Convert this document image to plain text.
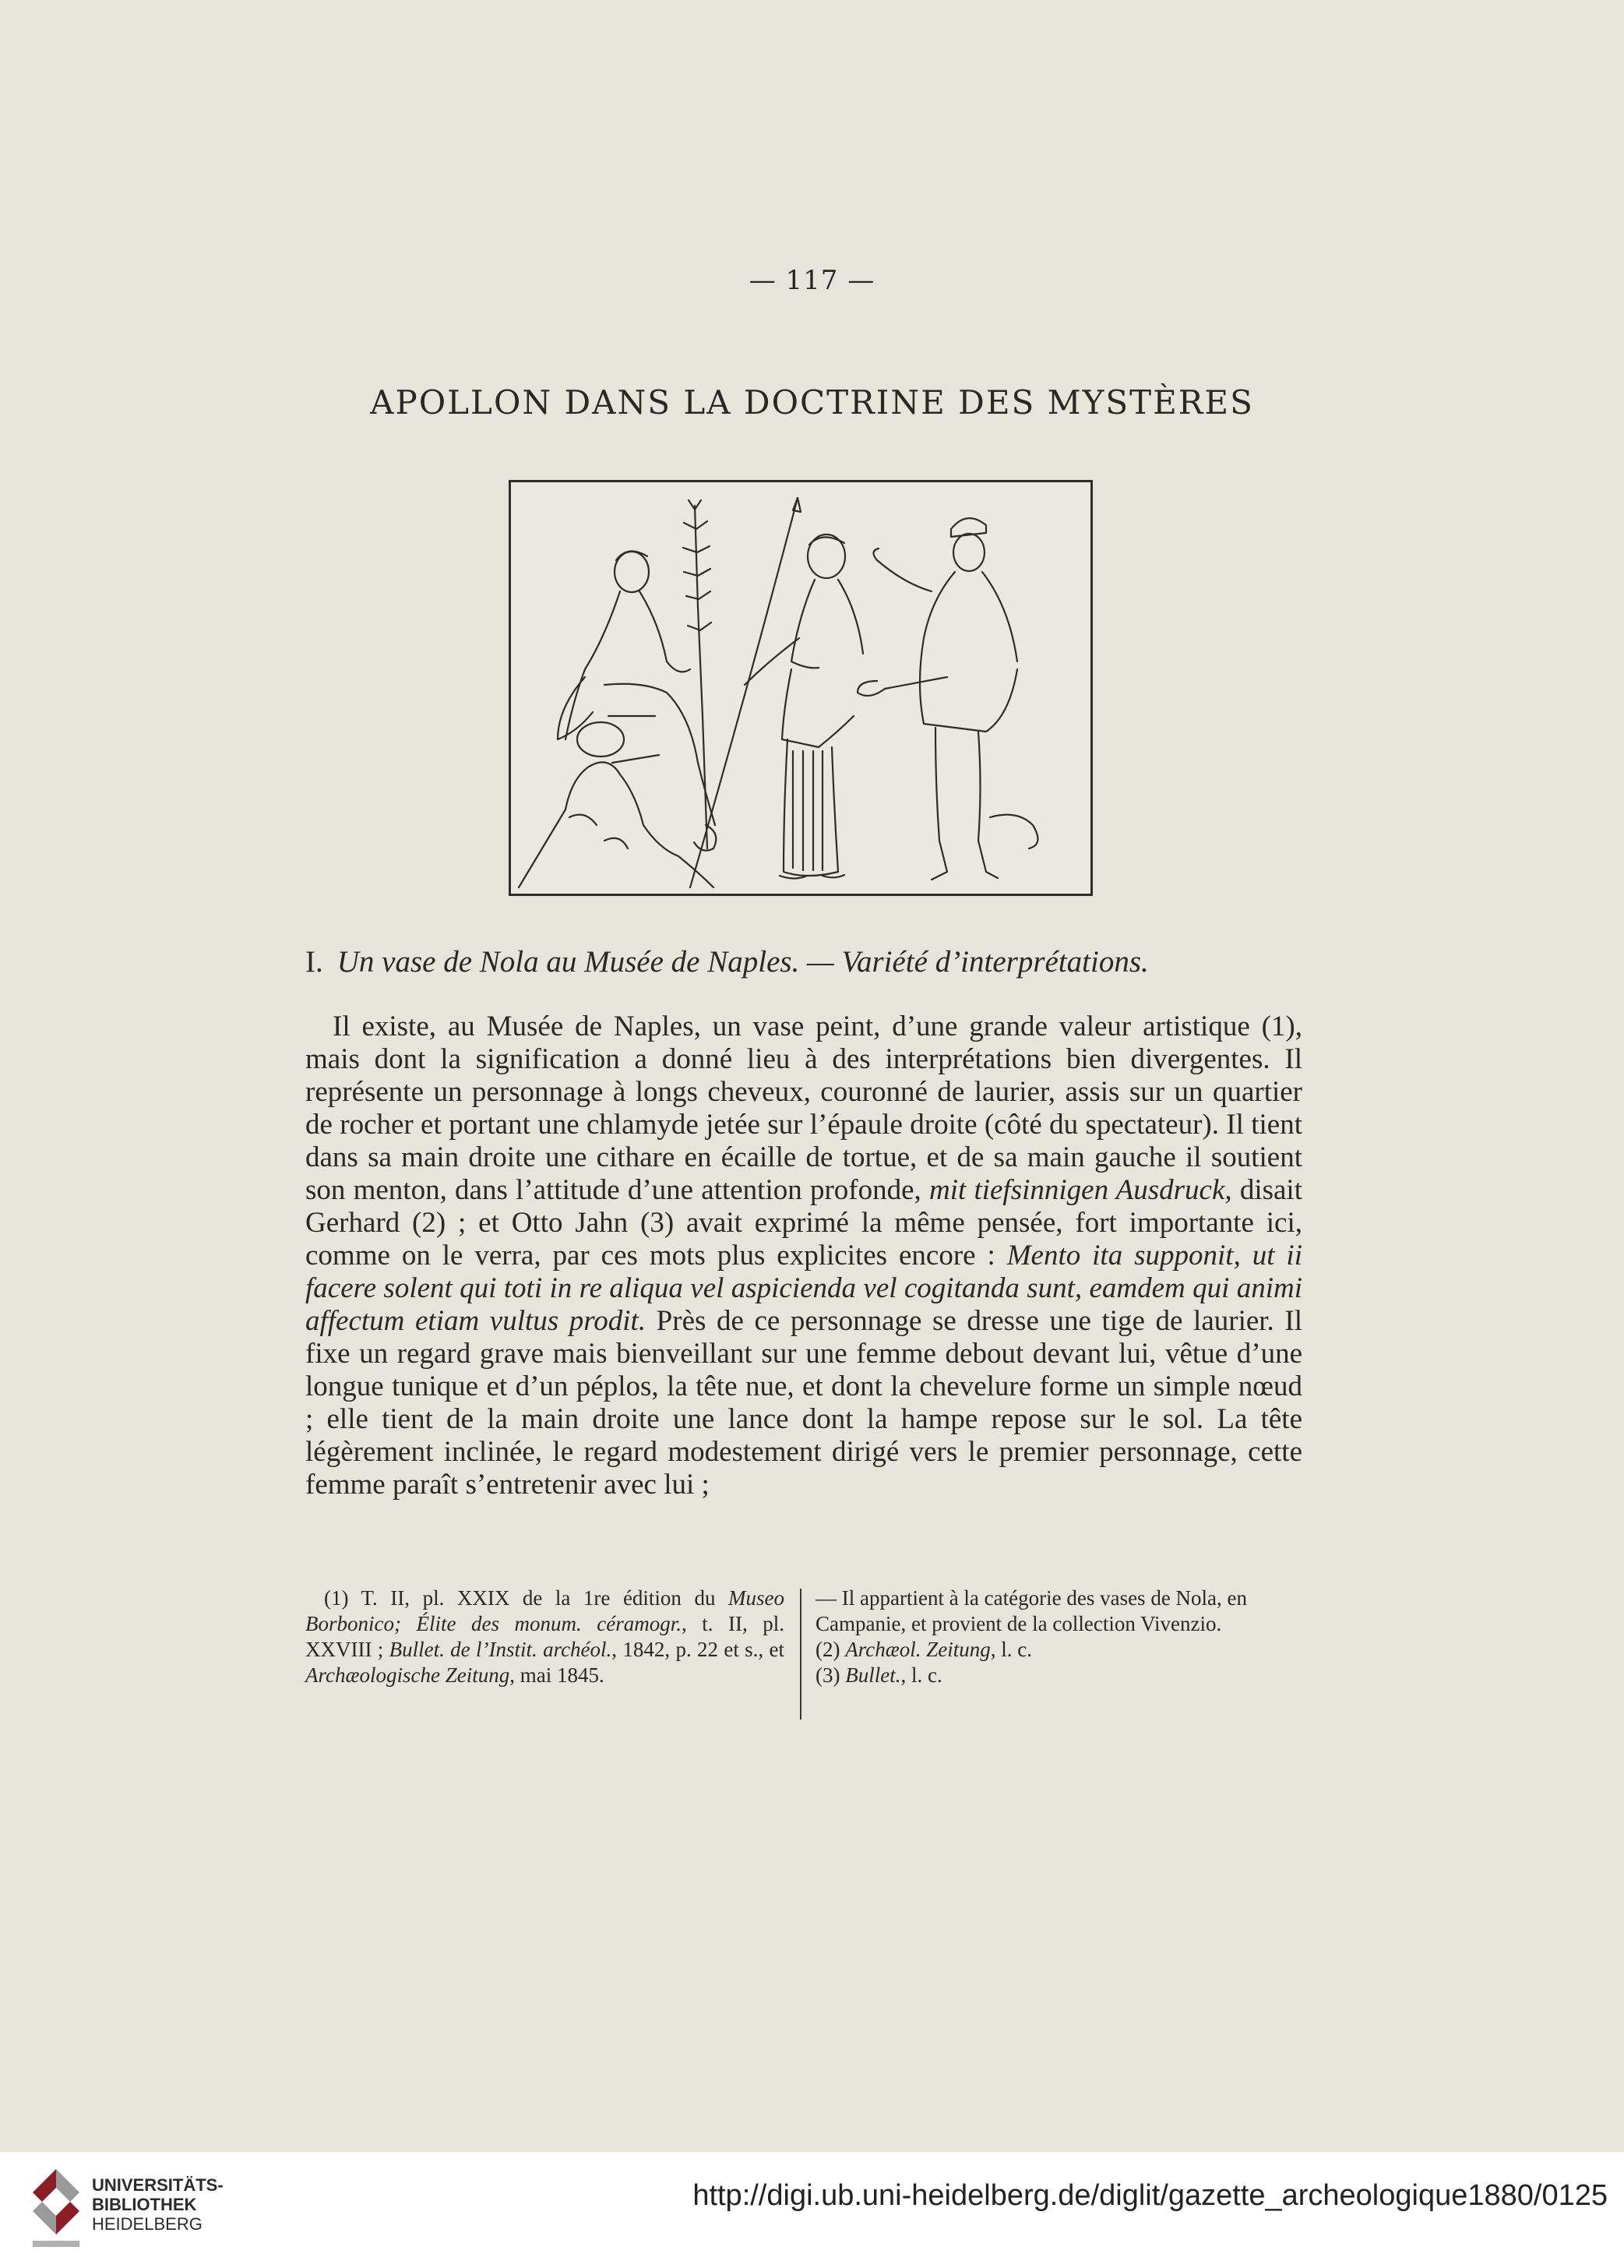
— 117 —
APOLLON DANS LA DOCTRINE DES MYSTÈRES
I. Un vase de Nola au Musée de Naples. — Variété d’interprétations.
Il existe, au Musée de Naples, un vase peint, d’une grande valeur artistique (1), mais dont la signification a donné lieu à des interprétations bien divergentes. Il représente un personnage à longs cheveux, couronné de laurier, assis sur un quartier de rocher et portant une chlamyde jetée sur l’épaule droite (côté du spectateur). Il tient dans sa main droite une cithare en écaille de tortue, et de sa main gauche il soutient son menton, dans l’attitude d’une attention profonde, mit tiefsinnigen Ausdruck, disait Gerhard (2) ; et Otto Jahn (3) avait exprimé la même pensée, fort importante ici, comme on le verra, par ces mots plus explicites encore : Mento ita supponit, ut ii facere solent qui toti in re aliqua vel aspicienda vel cogitanda sunt, eamdem qui animi affectum etiam vultus prodit. Près de ce personnage se dresse une tige de laurier. Il fixe un regard grave mais bienveillant sur une femme debout devant lui, vêtue d’une longue tunique et d’un péplos, la tête nue, et dont la chevelure forme un simple nœud ; elle tient de la main droite une lance dont la hampe repose sur le sol. La tête légèrement inclinée, le regard modestement dirigé vers le premier personnage, cette femme paraît s’entretenir avec lui ;
(1) T. II, pl. XXIX de la 1re édition du Museo Borbonico; Élite des monum. céramogr., t. II, pl. XXVIII ; Bullet. de l’Instit. archéol., 1842, p. 22 et s., et Archæologische Zeitung, mai 1845.
— Il appartient à la catégorie des vases de Nola, en
Campanie, et provient de la collection Vivenzio.
(2) Archæol. Zeitung, l. c.
(3) Bullet., l. c.
UNIVERSITÄTS-
BIBLIOTHEK
HEIDELBERG
http://digi.ub.uni-heidelberg.de/diglit/gazette_archeologique1880/0125
